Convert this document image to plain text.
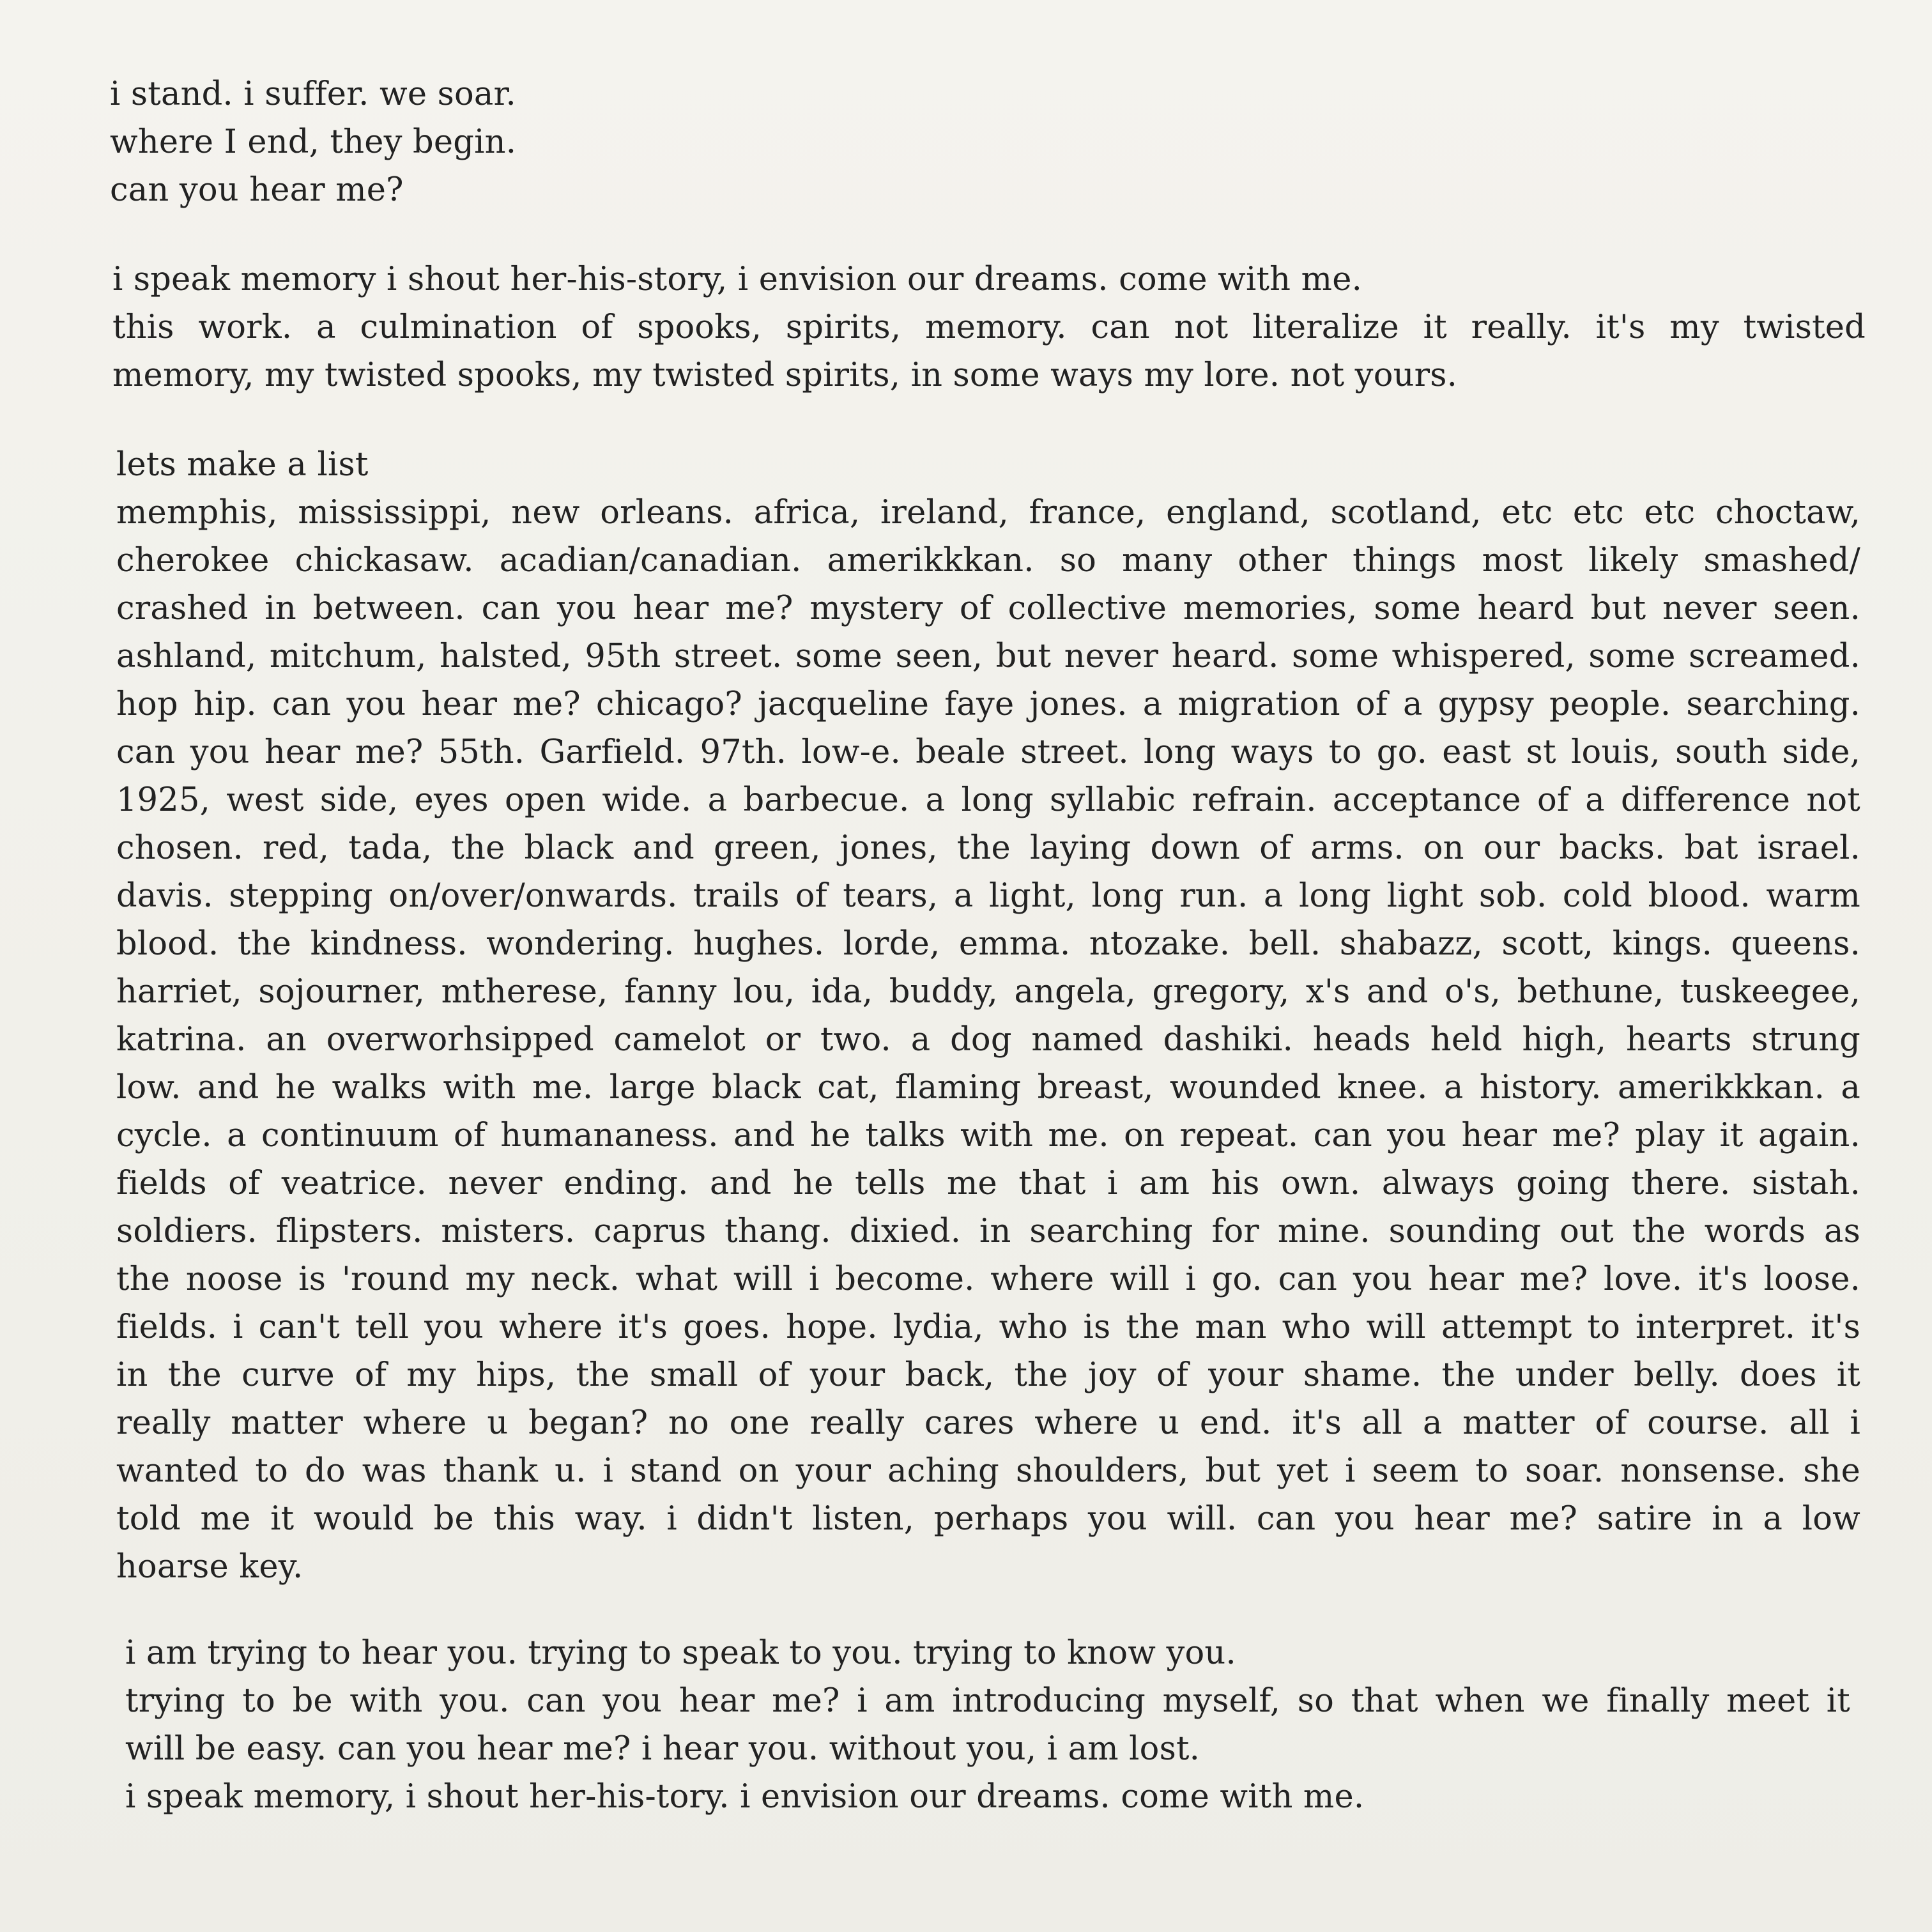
i stand. i suffer. we soar.
where I end, they begin.
can you hear me?
i speak memory i shout her-his-story, i envision our dreams. come with me.
this work. a culmination of spooks, spirits, memory. can not literalize it really. it's my twisted
memory, my twisted spooks, my twisted spirits, in some ways my lore. not yours.
lets make a list
memphis, mississippi, new orleans. africa, ireland, france, england, scotland, etc etc etc choctaw,
cherokee chickasaw. acadian/canadian. amerikkkan. so many other things most likely smashed/
crashed in between. can you hear me? mystery of collective memories, some heard but never seen.
ashland, mitchum, halsted, 95th street. some seen, but never heard. some whispered, some screamed.
hop hip. can you hear me? chicago? jacqueline faye jones. a migration of a gypsy people. searching.
can you hear me? 55th. Garfield. 97th. low-e. beale street. long ways to go. east st louis, south side,
1925, west side, eyes open wide. a barbecue. a long syllabic refrain. acceptance of a difference not
chosen. red, tada, the black and green, jones, the laying down of arms. on our backs. bat israel.
davis. stepping on/over/onwards. trails of tears, a light, long run. a long light sob. cold blood. warm
blood. the kindness. wondering. hughes. lorde, emma. ntozake. bell. shabazz, scott, kings. queens.
harriet, sojourner, mtherese, fanny lou, ida, buddy, angela, gregory, x's and o's, bethune, tuskeegee,
katrina. an overworhsipped camelot or two. a dog named dashiki. heads held high, hearts strung
low. and he walks with me. large black cat, flaming breast, wounded knee. a history. amerikkkan. a
cycle. a continuum of humananess. and he talks with me. on repeat. can you hear me? play it again.
fields of veatrice. never ending. and he tells me that i am his own. always going there. sistah.
soldiers. flipsters. misters. caprus thang. dixied. in searching for mine. sounding out the words as
the noose is 'round my neck. what will i become. where will i go. can you hear me? love. it's loose.
fields. i can't tell you where it's goes. hope. lydia, who is the man who will attempt to interpret. it's
in the curve of my hips, the small of your back, the joy of your shame. the under belly. does it
really matter where u began? no one really cares where u end. it's all a matter of course. all i
wanted to do was thank u. i stand on your aching shoulders, but yet i seem to soar. nonsense. she
told me it would be this way. i didn't listen, perhaps you will. can you hear me? satire in a low
hoarse key.
i am trying to hear you. trying to speak to you. trying to know you.
trying to be with you. can you hear me? i am introducing myself, so that when we finally meet it
will be easy. can you hear me? i hear you. without you, i am lost.
i speak memory, i shout her-his-tory. i envision our dreams. come with me.
